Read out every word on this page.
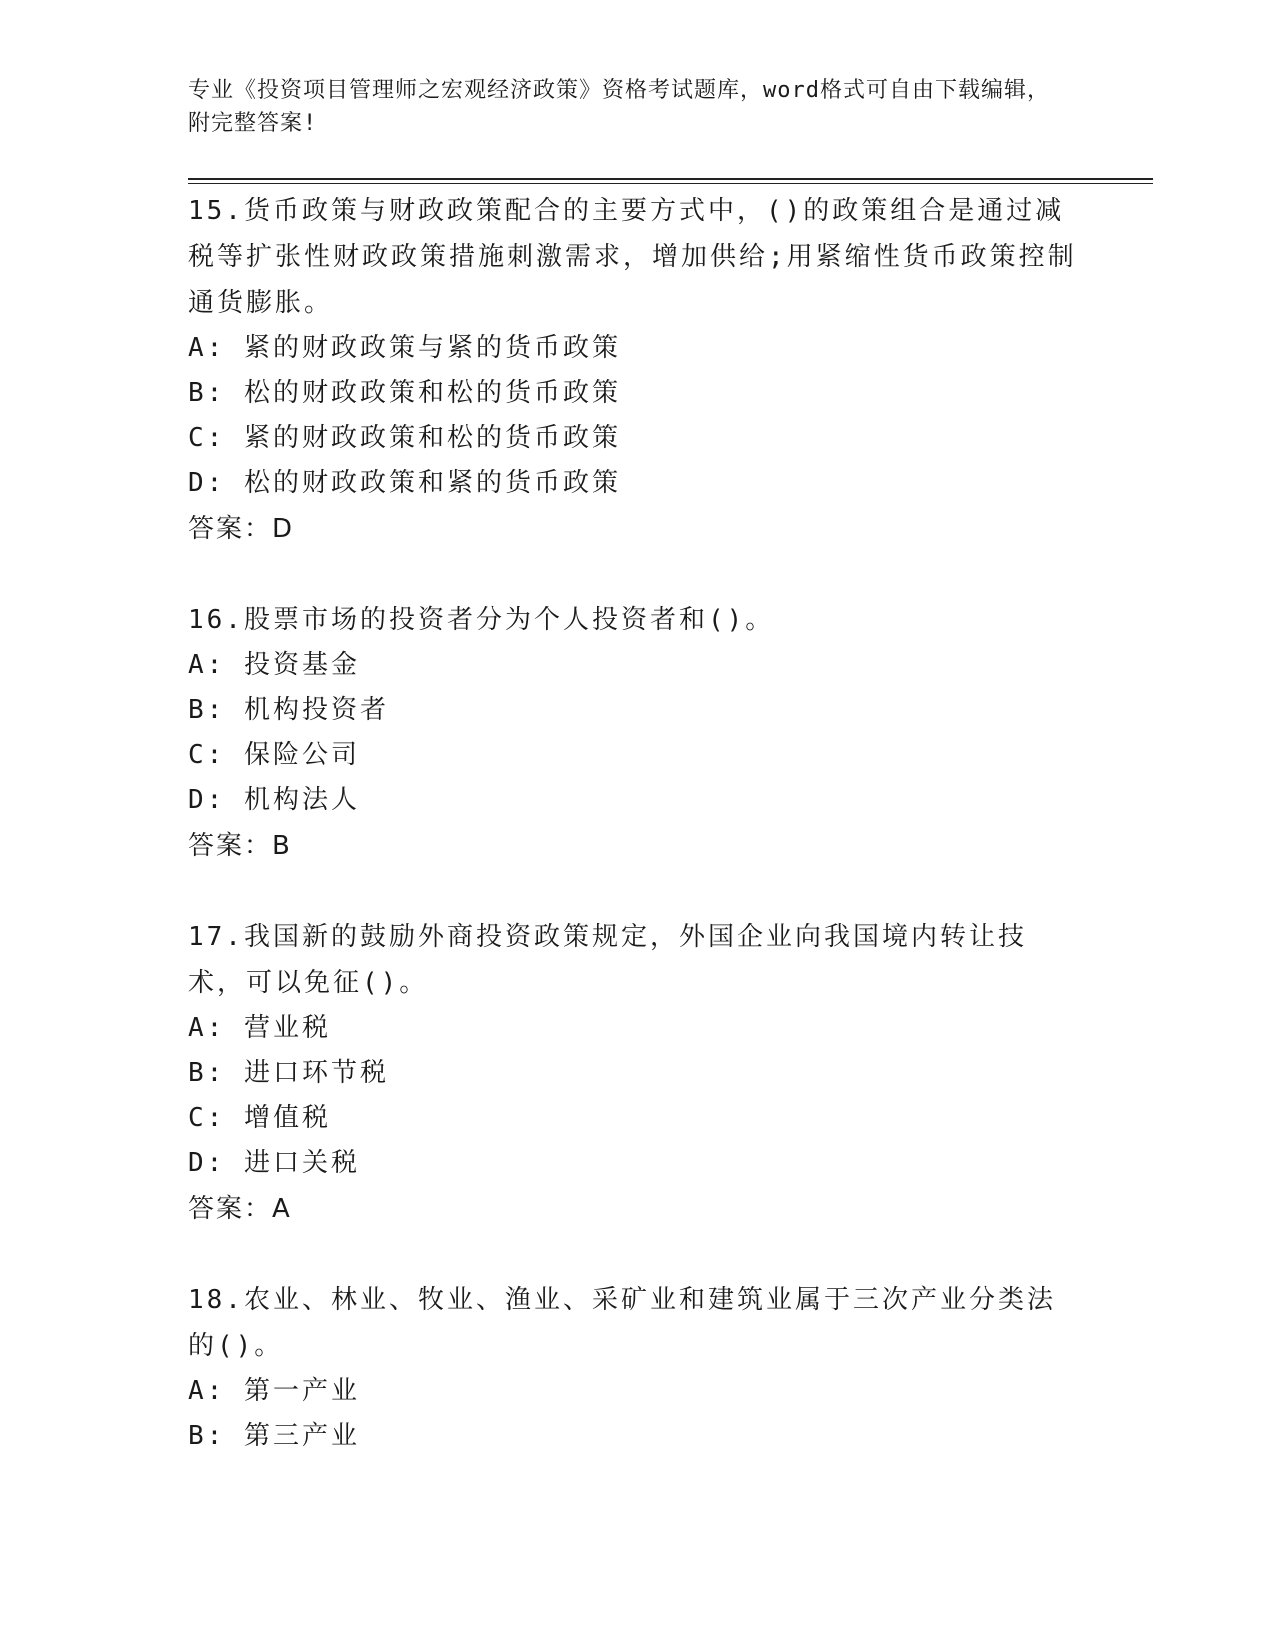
专业《投资项目管理师之宏观经济政策》资格考试题库，word格式可自由下载编辑，附完整答案!

15.货币政策与财政政策配合的主要方式中，()的政策组合是通过减税等扩张性财政政策措施刺激需求，增加供给;用紧缩性货币政策控制通货膨胀。

A: 紧的财政政策与紧的货币政策
B: 松的财政政策和松的货币政策
C: 紧的财政政策和松的货币政策
D: 松的财政政策和紧的货币政策
答案：D

16.股票市场的投资者分为个人投资者和()。

A: 投资基金
B: 机构投资者
C: 保险公司
D: 机构法人
答案：B

17.我国新的鼓励外商投资政策规定，外国企业向我国境内转让技术，可以免征()。

A: 营业税
B: 进口环节税
C: 增值税
D: 进口关税
答案：A

18.农业、林业、牧业、渔业、采矿业和建筑业属于三次产业分类法的()。

A: 第一产业
B: 第三产业
